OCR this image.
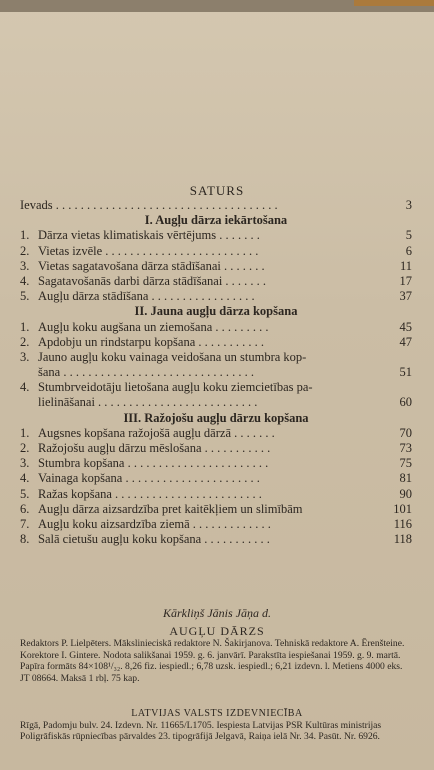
SATURS
Ievads . . . . . . . . . . . . . . . . . . . . . . . . . . . . . . . . . . . .	3
I. Augļu dārza iekārtošana
1. Dārza vietas klimatiskais vērtējums . . . . . . .	5
2. Vietas izvēle . . . . . . . . . . . . . . . . . . . . . . . . .	6
3. Vietas sagatavošana dārza stādīšanai . . . . . . .	11
4. Sagatavošanās darbi dārza stādīšanai . . . . . . .	17
5. Augļu dārza stādīšana . . . . . . . . . . . . . . . . .	37
II. Jauna augļu dārza kopšana
1. Augļu koku augšana un ziemošana . . . . . . . . .	45
2. Apdobju un rindstarpu kopšana . . . . . . . . . . .	47
3. Jauno augļu koku vainaga veidošana un stumbra kop-
šana . . . . . . . . . . . . . . . . . . . . . . . . . . . . . . .	51
4. Stumbrveidotāju lietošana augļu koku ziemcietības pa-
lielināšanai . . . . . . . . . . . . . . . . . . . . . . . . . .	60
III. Ražojošu augļu dārzu kopšana
1. Augsnes kopšana ražojošā augļu dārzā . . . . . . .	70
2. Ražojošu augļu dārzu mēslošana . . . . . . . . . . .	73
3. Stumbra kopšana . . . . . . . . . . . . . . . . . . . . . . .	75
4. Vainaga kopšana . . . . . . . . . . . . . . . . . . . . . .	81
5. Ražas kopšana . . . . . . . . . . . . . . . . . . . . . . . .	90
6. Augļu dārza aizsardzība pret kaitēkļiem un slimībām	101
7. Augļu koku aizsardzība ziemā . . . . . . . . . . . . .	116
8. Salā cietušu augļu koku kopšana . . . . . . . . . . .	118
Kārkliņš Jānis Jāņa d.
AUGĻU DĀRZS
Redaktors P. Lielpēters. Mākslinieciskā redaktore N. Šakirjanova. Tehniskā redaktore A. Ērenšteine. Korektore I. Gintere. Nodota salikšanai 1959. g. 6. janvārī. Parakstīta iespiešanai 1959. g. 9. martā. Papīra formāts 84×108¹/₃₂. 8,26 fiz. iespiedl.; 6,78 uzsk. iespiedl.; 6,21 izdevn. l. Metiens 4000 eks. JT 08664. Maksā 1 rbļ. 75 kap.
LATVIJAS VALSTS IZDEVNIECĪBA
Rīgā, Padomju bulv. 24. Izdevn. Nr. 11665/L1705. Iespiesta Latvijas PSR Kultūras ministrijas Poligrāfiskās rūpniecības pārvaldes 23. tipogrāfijā Jelgavā, Raiņa ielā Nr. 34. Pasūt. Nr. 6926.
